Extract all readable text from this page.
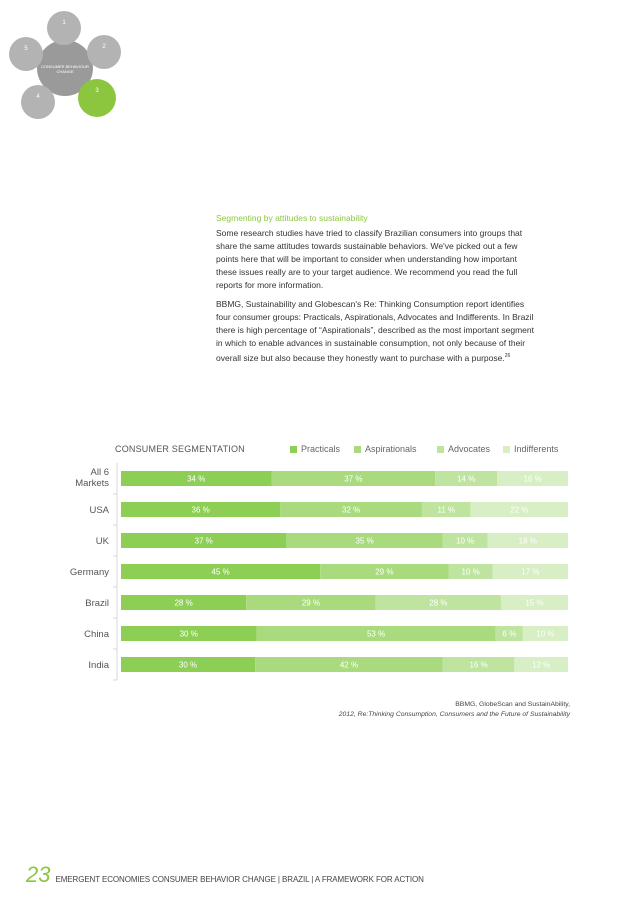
CONSUMER BEHAVIOUR CHANGE
1
2
3
4
5
Segmenting by attitudes to sustainability

Some research studies have tried to classify Brazilian consumers into groups that share the same attitudes towards sustainable behaviors. We've picked out a few points here that will be important to consider when understanding how important these issues really are to your target audience. We recommend you read the full reports for more information.

BBMG, Sustainability and Globescan's Re: Thinking Consumption report identifies four consumer groups: Practicals, Aspirationals, Advocates and Indifferents. In Brazil there is high percentage of “Aspirationals”, described as the most important segment in which to enable advances in sustainable consumption, not only because of their overall size but also because they honestly want to purchase with a purpose.$^{26}$

CONSUMER SEGMENTATION	Practicals	Aspirationals	Advocates	Indifferents
All 6 Markets	34 %	37 %	14 %	16 %
USA	36 %	32 %	11 %	22 %
UK	37 %	35 %	10 %	18 %
Germany	45 %	29 %	10 %	17 %
Brazil	28 %	29 %	28 %	15 %
China	30 %	53 %	6 %	10 %
India	30 %	42 %	16 %	12 %
BBMG, GlobeScan and SustainAbility,
2012, Re:Thinking Consumption, Consumers and the Future of Sustainability
23 EMERGENT ECONOMIES CONSUMER BEHAVIOR CHANGE | BRAZIL | A FRAMEWORK FOR ACTION
